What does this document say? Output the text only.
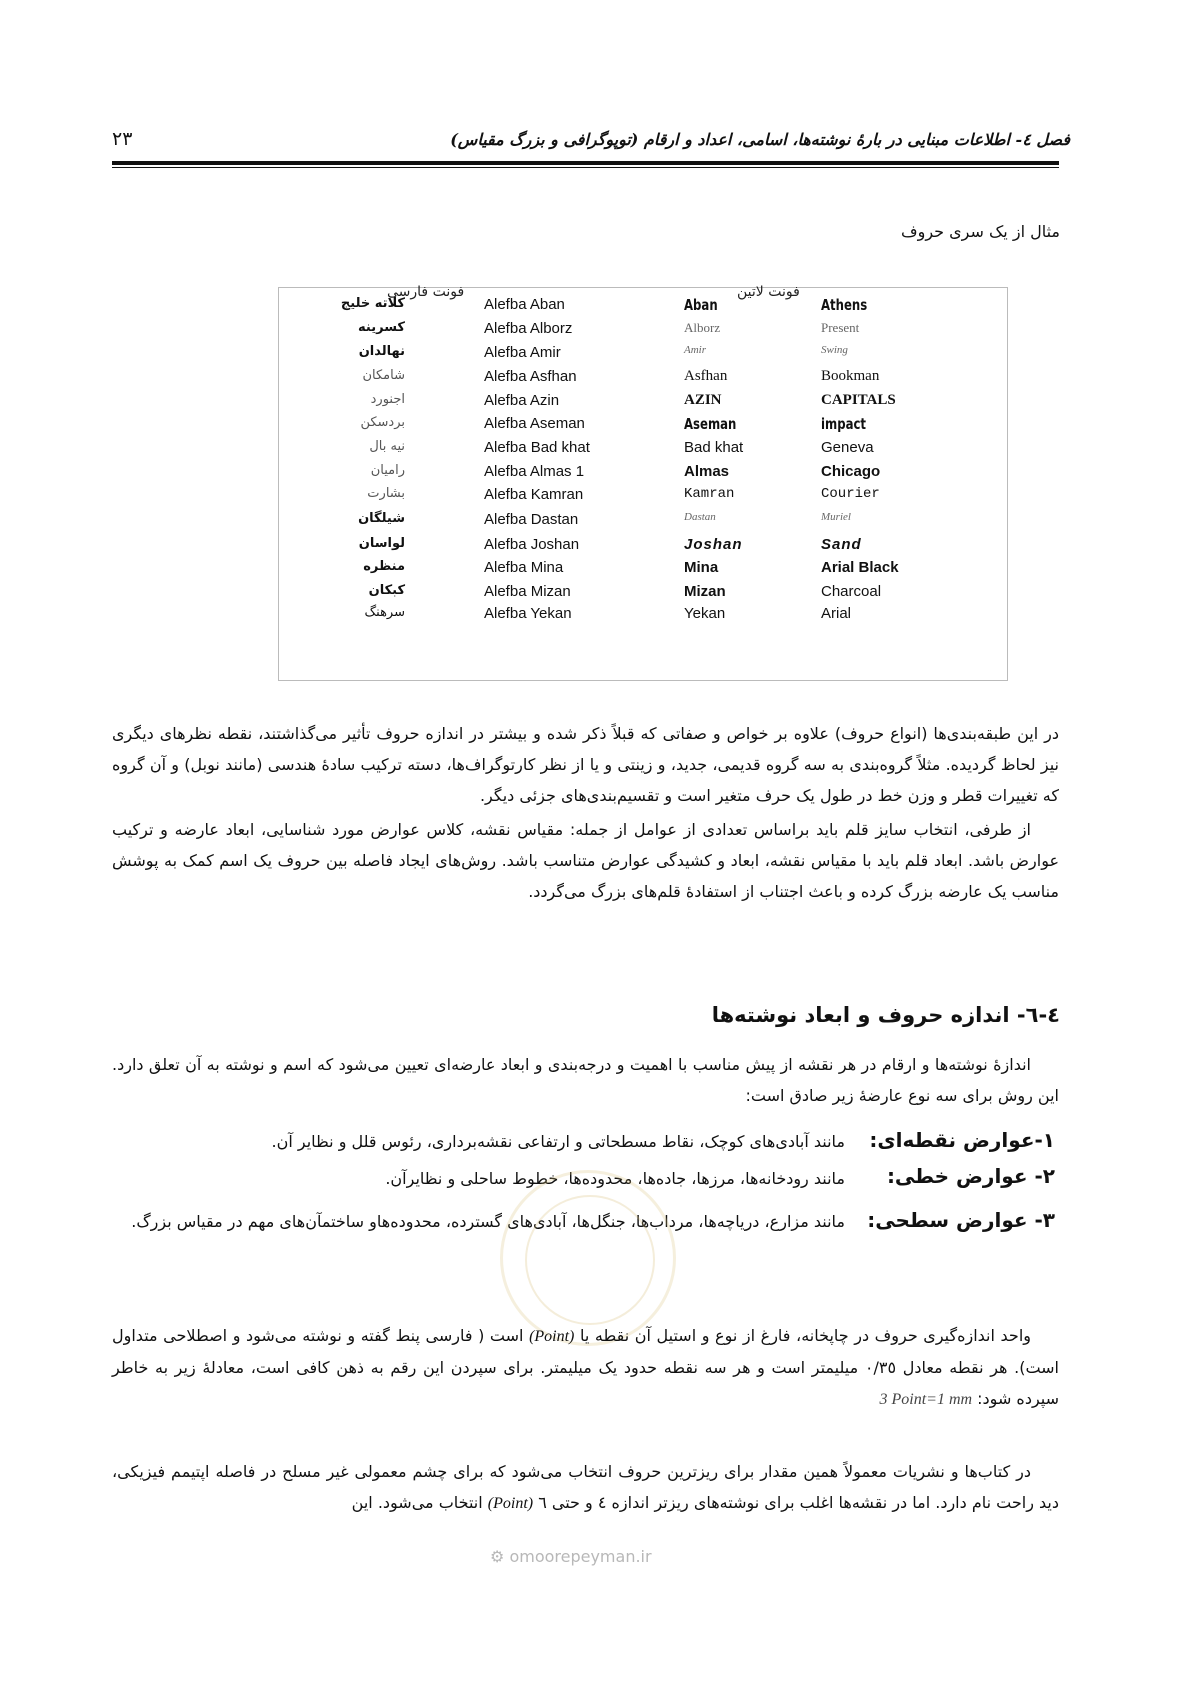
فصل ٤- اطلاعات مبنایی در بارهٔ نوشته‌ها، اسامی، اعداد و ارقام (توپوگرافی و بزرگ مقیاس)
٢٣
مثال از یک سری حروف
فونت فارسی	فونت لاتین
کلاته خلیج	Alefba Aban	Aban	Athens
کسرینه	Alefba Alborz	Alborz	Present
نهالدان	Alefba Amir	Amir	Swing
شامکان	Alefba Asfhan	Asfhan	Bookman
اجنورد	Alefba Azin	AZIN	CAPITALS
بردسکن	Alefba Aseman	Aseman	impact
نیه بال	Alefba Bad khat	Bad khat	Geneva
رامیان	Alefba Almas 1	Almas	Chicago
بشارت	Alefba Kamran	Kamran	Courier
شیلگان	Alefba Dastan	Dastan	Muriel
لواسان	Alefba Joshan	Joshan	Sand
منظره	Alefba Mina	Mina	Arial Black
کبکان	Alefba Mizan	Mizan	Charcoal
سرهنگ	Alefba Yekan	Yekan	Arial
در این طبقه‌بندی‌ها (انواع حروف) علاوه بر خواص و صفاتی که قبلاً ذکر شده و بیشتر در اندازه حروف تأثیر می‌گذاشتند، نقطه نظرهای دیگری نیز لحاظ گردیده. مثلاً گروه‌بندی به سه گروه قدیمی، جدید، و زینتی و یا از نظر کارتوگراف‌ها، دسته ترکیب سادهٔ هندسی (مانند نوبل) و آن گروه که تغییرات قطر و وزن خط در طول یک حرف متغیر است و تقسیم‌بندی‌های جزئی دیگر.
از طرفی، انتخاب سایز قلم باید براساس تعدادی از عوامل از جمله: مقیاس نقشه، کلاس عوارض مورد شناسایی، ابعاد عارضه و ترکیب عوارض باشد. ابعاد قلم باید با مقیاس نقشه، ابعاد و کشیدگی عوارض متناسب باشد. روش‌های ایجاد فاصله بین حروف یک اسم کمک به پوشش مناسب یک عارضه بزرگ کرده و باعث اجتناب از استفادهٔ قلم‌های بزرگ می‌گردد.
٤-٦- اندازه حروف و ابعاد نوشته‌ها
اندازهٔ نوشته‌ها و ارقام در هر نقشه از پیش مناسب با اهمیت و درجه‌بندی و ابعاد عارضه‌ای تعیین می‌شود که اسم و نوشته به آن تعلق دارد. این روش برای سه نوع عارضهٔ زیر صادق است:
١-عوارض نقطه‌ای:
مانند آبادی‌های کوچک، نقاط مسطحاتی و ارتفاعی نقشه‌برداری، رئوس قلل و نظایر آن.
٢- عوارض خطی:
مانند رودخانه‌ها، مرزها، جاده‌ها، محدوده‌ها، خطوط ساحلی و نظایرآن.
٣- عوارض سطحی:
مانند مزارع، دریاچه‌ها، مرداب‌ها، جنگل‌ها، آبادی‌های گسترده، محدوده‌هاو ساختمآن‌های مهم در مقیاس بزرگ.
واحد اندازه‌گیری حروف در چاپخانه، فارغ از نوع و استیل آن نقطه یا (Point) است ( فارسی پنط گفته و نوشته می‌شود و اصطلاحی متداول است). هر نقطه معادل ٠/٣٥ میلیمتر است و هر سه نقطه حدود یک میلیمتر. برای سپردن این رقم به ذهن کافی است، معادلهٔ زیر به خاطر سپرده شود: 3 Point=1 mm
در کتاب‌ها و نشریات معمولاً همین مقدار برای ریزترین حروف انتخاب می‌شود که برای چشم معمولی غیر مسلح در فاصله اپتیمم فیزیکی، دید راحت نام دارد. اما در نقشه‌ها اغلب برای نوشته‌های ریزتر اندازه ٤ و حتی ٦ (Point) انتخاب می‌شود. این
⚙ omoorepeyman.ir
